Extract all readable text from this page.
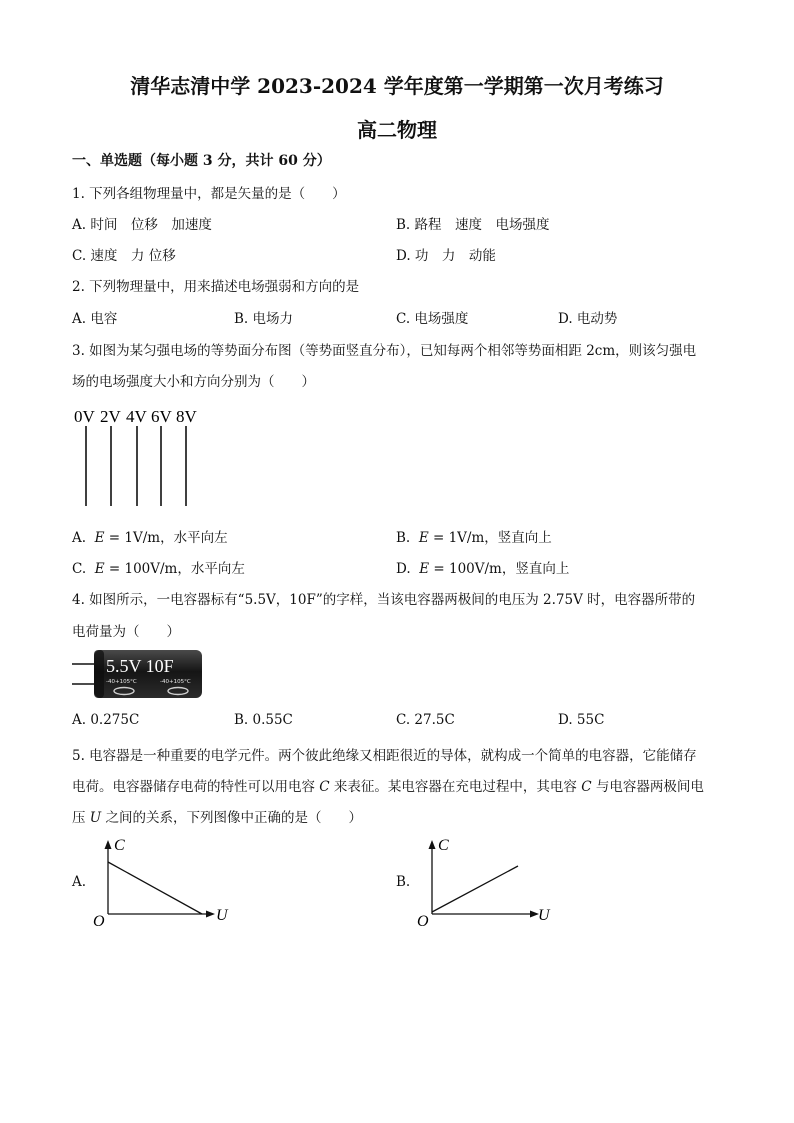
清华志清中学 2023-2024 学年度第一学期第一次月考练习
高二物理
一、单选题（每小题 3 分，共计 60 分）
1. 下列各组物理量中，都是矢量的是（　　）
A. 时间　位移　加速度	B. 路程　速度　电场强度
C. 速度　力 位移	D. 功　力　动能
2. 下列物理量中，用来描述电场强弱和方向的是
A. 电容	B. 电场力	C. 电场强度	D. 电动势
3. 如图为某匀强电场的等势面分布图（等势面竖直分布），已知每两个相邻等势面相距 2cm，则该匀强电
场的电场强度大小和方向分别为（　　）
0V 2V 4V 6V 8V
A. E = 1V/m，水平向左	B. E = 1V/m，竖直向上
C. E = 100V/m，水平向左	D. E = 100V/m，竖直向上
4. 如图所示，一电容器标有“5.5V，10F”的字样，当该电容器两极间的电压为 2.75V 时，电容器所带的
电荷量为（　　）
5.5V 10F
-40+105°C	-40+105°C
A. 0.275C	B. 0.55C	C. 27.5C	D. 55C
5. 电容器是一种重要的电学元件。两个彼此绝缘又相距很近的导体，就构成一个简单的电容器，它能储存
电荷。电容器储存电荷的特性可以用电容 C 来表征。某电容器在充电过程中，其电容 C 与电容器两极间电
压 U 之间的关系，下列图像中正确的是（　　）
A.
C
U
O
B.
C
U
O
